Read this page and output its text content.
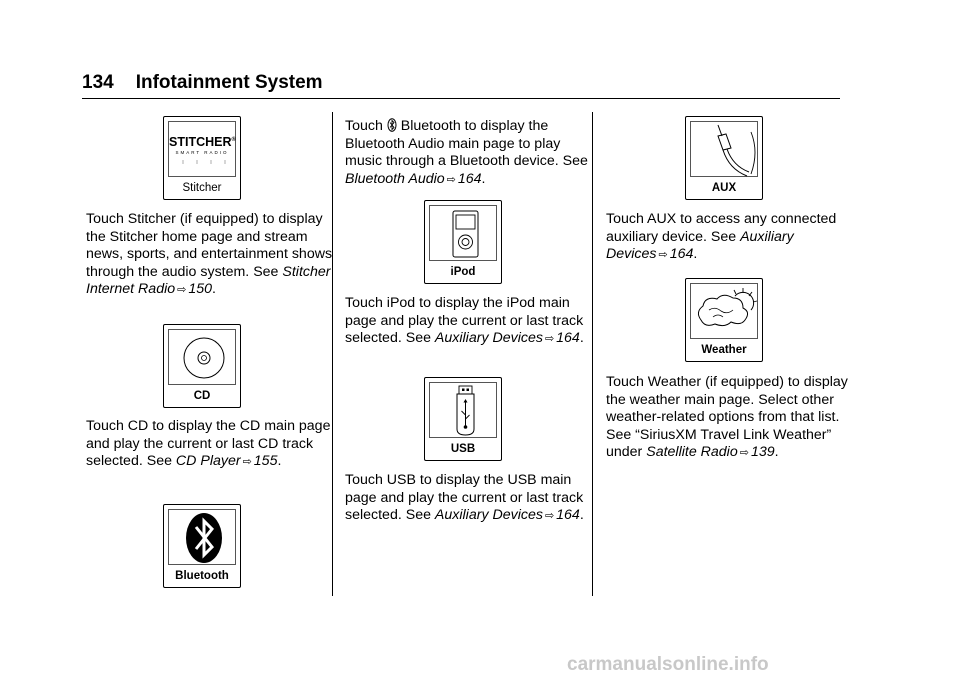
134 Infotainment System
STITCHER®
SMART RADIO
Stitcher
Touch Stitcher (if equipped) to display the Stitcher home page and stream news, sports, and entertainment shows through the audio system. See Stitcher Internet Radio ⇨ 150.
CD
Touch CD to display the CD main page and play the current or last CD track selected. See CD Player ⇨ 155.
Bluetooth
Touch  Bluetooth to display the Bluetooth Audio main page to play music through a Bluetooth device. See Bluetooth Audio ⇨ 164.
iPod
Touch iPod to display the iPod main page and play the current or last track selected. See Auxiliary Devices ⇨ 164.
USB
Touch USB to display the USB main page and play the current or last track selected. See Auxiliary Devices ⇨ 164.
AUX
Touch AUX to access any connected auxiliary device. See Auxiliary Devices ⇨ 164.
Weather
Touch Weather (if equipped) to display the weather main page. Select other weather-related options from that list. See “SiriusXM Travel Link Weather” under Satellite Radio ⇨ 139.
carmanualsonline.info
